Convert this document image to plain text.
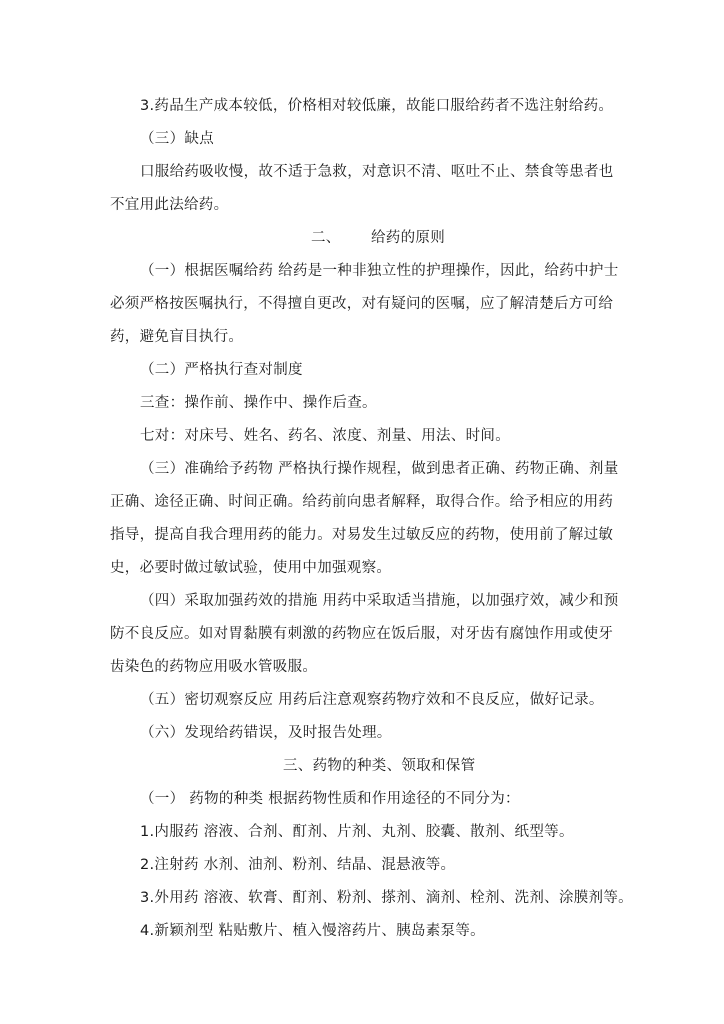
3.药品生产成本较低，价格相对较低廉，故能口服给药者不选注射给药。
（三）缺点
口服给药吸收慢，故不适于急救，对意识不清、呕吐不止、禁食等患者也
不宜用此法给药。
二、 给药的原则
（一）根据医嘱给药 给药是一种非独立性的护理操作，因此，给药中护士
必须严格按医嘱执行，不得擅自更改，对有疑问的医嘱，应了解清楚后方可给
药，避免盲目执行。
（二）严格执行查对制度
三查：操作前、操作中、操作后查。
七对：对床号、姓名、药名、浓度、剂量、用法、时间。
（三）准确给予药物 严格执行操作规程，做到患者正确、药物正确、剂量
正确、途径正确、时间正确。给药前向患者解释，取得合作。给予相应的用药
指导，提高自我合理用药的能力。对易发生过敏反应的药物，使用前了解过敏
史，必要时做过敏试验，使用中加强观察。
（四）采取加强药效的措施 用药中采取适当措施，以加强疗效，减少和预
防不良反应。如对胃黏膜有刺激的药物应在饭后服，对牙齿有腐蚀作用或使牙
齿染色的药物应用吸水管吸服。
（五）密切观察反应 用药后注意观察药物疗效和不良反应，做好记录。
（六）发现给药错误，及时报告处理。
三、药物的种类、领取和保管
（一） 药物的种类 根据药物性质和作用途径的不同分为：
1.内服药 溶液、合剂、酊剂、片剂、丸剂、胶囊、散剂、纸型等。
2.注射药 水剂、油剂、粉剂、结晶、混悬液等。
3.外用药 溶液、软膏、酊剂、粉剂、搽剂、滴剂、栓剂、洗剂、涂膜剂等。
4.新颖剂型 粘贴敷片、植入慢溶药片、胰岛素泵等。
